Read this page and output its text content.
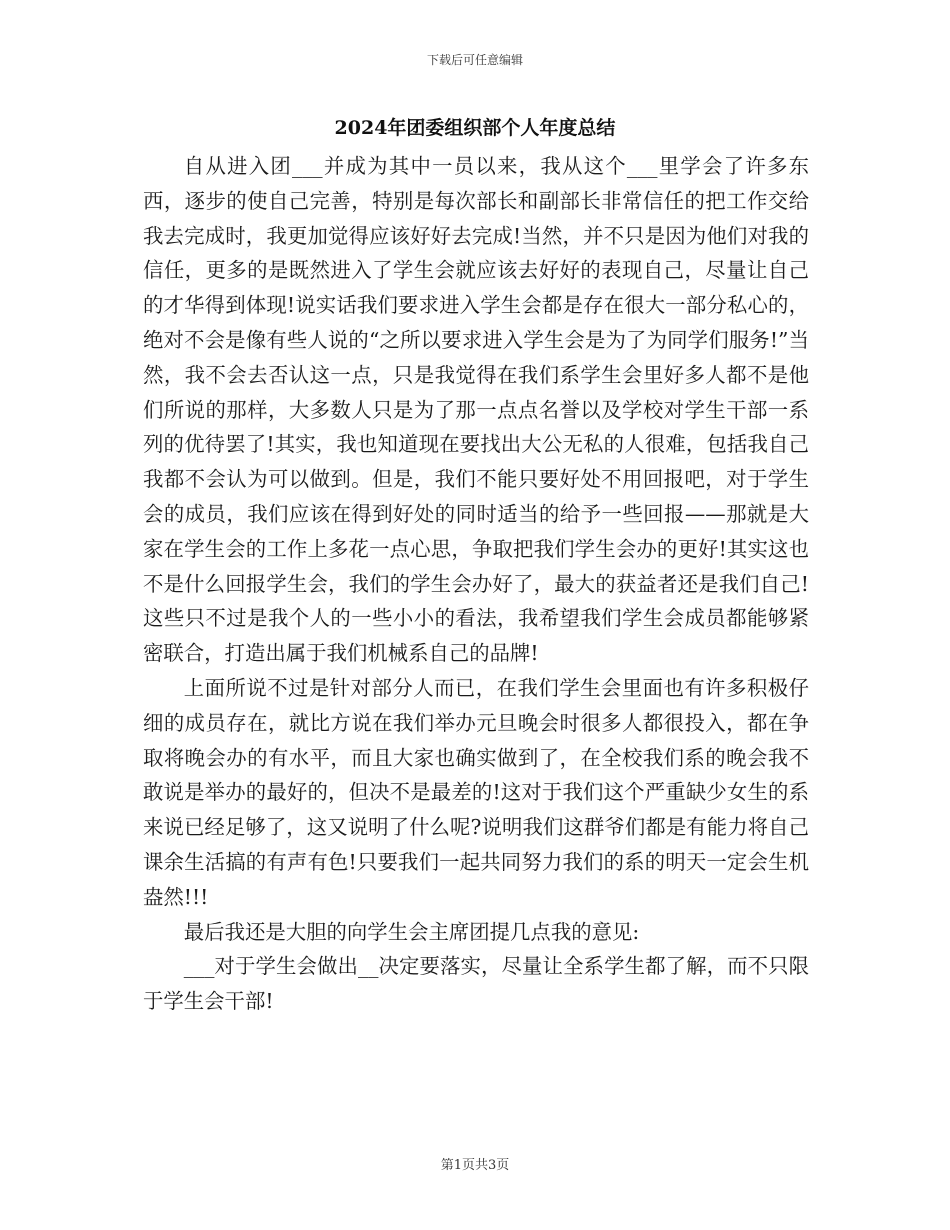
下载后可任意编辑
2024年团委组织部个人年度总结

自从进入团___并成为其中一员以来，我从这个___里学会了许多东西，逐步的使自己完善，特别是每次部长和副部长非常信任的把工作交给我去完成时，我更加觉得应该好好去完成!当然，并不只是因为他们对我的信任，更多的是既然进入了学生会就应该去好好的表现自己，尽量让自己的才华得到体现!说实话我们要求进入学生会都是存在很大一部分私心的，绝对不会是像有些人说的“之所以要求进入学生会是为了为同学们服务!”当然，我不会去否认这一点，只是我觉得在我们系学生会里好多人都不是他们所说的那样，大多数人只是为了那一点点名誉以及学校对学生干部一系列的优待罢了!其实，我也知道现在要找出大公无私的人很难，包括我自己我都不会认为可以做到。但是，我们不能只要好处不用回报吧，对于学生会的成员，我们应该在得到好处的同时适当的给予一些回报——那就是大家在学生会的工作上多花一点心思，争取把我们学生会办的更好!其实这也不是什么回报学生会，我们的学生会办好了，最大的获益者还是我们自己!这些只不过是我个人的一些小小的看法，我希望我们学生会成员都能够紧密联合，打造出属于我们机械系自己的品牌!

上面所说不过是针对部分人而已，在我们学生会里面也有许多积极仔细的成员存在，就比方说在我们举办元旦晚会时很多人都很投入，都在争取将晚会办的有水平，而且大家也确实做到了，在全校我们系的晚会我不敢说是举办的最好的，但决不是最差的!这对于我们这个严重缺少女生的系来说已经足够了，这又说明了什么呢?说明我们这群爷们都是有能力将自己课余生活搞的有声有色!只要我们一起共同努力我们的系的明天一定会生机盎然!!!

最后我还是大胆的向学生会主席团提几点我的意见:

___对于学生会做出__决定要落实，尽量让全系学生都了解，而不只限于学生会干部!

第1页共3页
